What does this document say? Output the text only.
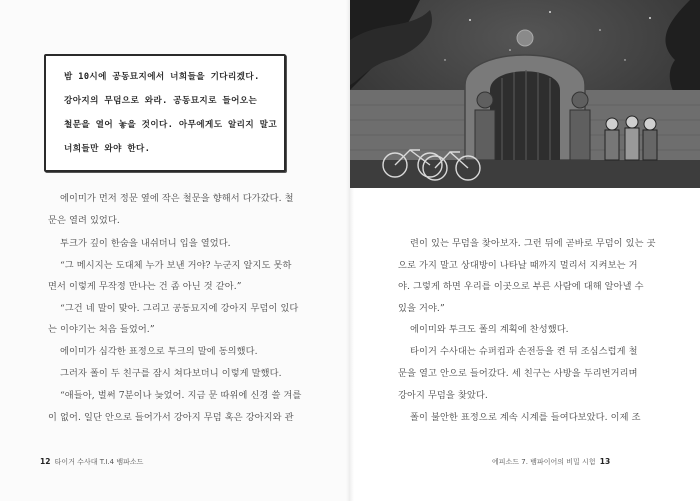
밤 10시에 공동묘지에서 너희들을 기다리겠다.
강아지의 무덤으로 와라. 공동묘지로 들어오는
철문을 열어 놓을 것이다. 아무에게도 알리지 말고
너희들만 와야 한다.
에이미가 먼저 정문 옆에 작은 철문을 향해서 다가갔다. 철
문은 열려 있었다.
투크가 깊이 한숨을 내쉬더니 입을 열었다.
“그 메시지는 도대체 누가 보낸 거야? 누군지 알지도 못하
면서 이렇게 무작정 만나는 건 좀 아닌 것 같아.”
“그건 네 말이 맞아. 그리고 공동묘지에 강아지 무덤이 있다
는 이야기는 처음 들었어.”
에이미가 심각한 표정으로 투크의 말에 동의했다.
그러자 폴이 두 친구를 잠시 쳐다보더니 이렇게 말했다.
“애들아, 벌써 7분이나 늦었어. 지금 문 따위에 신경 쓸 겨를
이 없어. 일단 안으로 들어가서 강아지 무덤 혹은 강아지와 관
련이 있는 무덤을 찾아보자. 그런 뒤에 곧바로 무덤이 있는 곳
으로 가지 말고 상대방이 나타날 때까지 멀리서 지켜보는 거
야. 그렇게 하면 우리를 이곳으로 부른 사람에 대해 알아낼 수
있을 거야.”
에이미와 투크도 폴의 계획에 찬성했다.
타이거 수사대는 슈퍼컵과 손전등을 켠 뒤 조심스럽게 철
문을 열고 안으로 들어갔다. 세 친구는 사방을 두리번거리며
강아지 무덤을 찾았다.
폴이 불안한 표정으로 계속 시계를 들여다보았다. 이제 조
12 타이거 수사대 T.I.4 뱀파소드	에피소드 7. 뱀파이어의 비밀 시험 13
